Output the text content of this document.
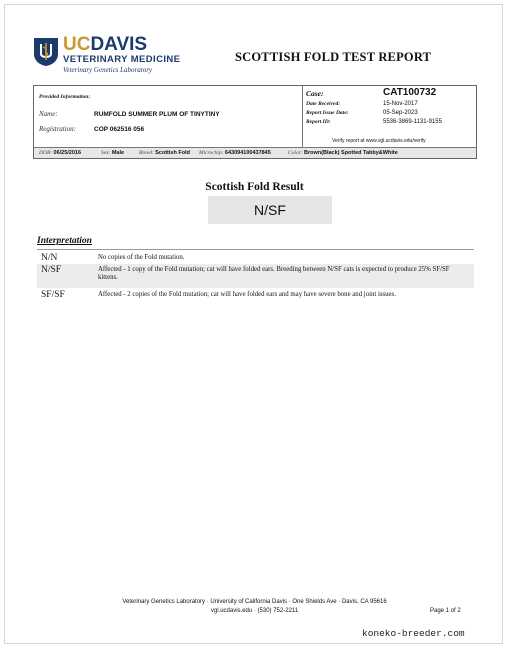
UCDAVIS
VETERINARY MEDICINE
Veterinary Genetics Laboratory
SCOTTISH FOLD TEST REPORT
Provided Information:
Name:	RUMFOLD SUMMER PLUM OF TINYTINY
Registration:	COP 062516 056
Case:	CAT100732
Date Received:	15-Nov-2017
Report Issue Date:	05-Sep-2023
Report ID:	5536-3869-1131-9155
Verify report at www.vgl.ucdavis.edu/verify
DOB: 06/25/2016	Sex: Male	Breed: Scottish Fold Microchip: 643094100437845	Color: Brown(Black) Spotted Tabby&White
Scottish Fold Result
N/SF
Interpretation
N/N	No copies of the Fold mutation.
N/SF	Affected - 1 copy of the Fold mutation; cat will have folded ears. Breeding between N/SF cats is expected to produce 25% SF/SF kittens.
SF/SF	Affected - 2 copies of the Fold mutation; cat will have folded ears and may have severe bone and joint issues.
Veterinary Genetics Laboratory · University of California Davis · One Shields Ave · Davis, CA 95616
vgl.ucdavis.edu · (530) 752-2211	Page 1 of 2
koneko-breeder.com
